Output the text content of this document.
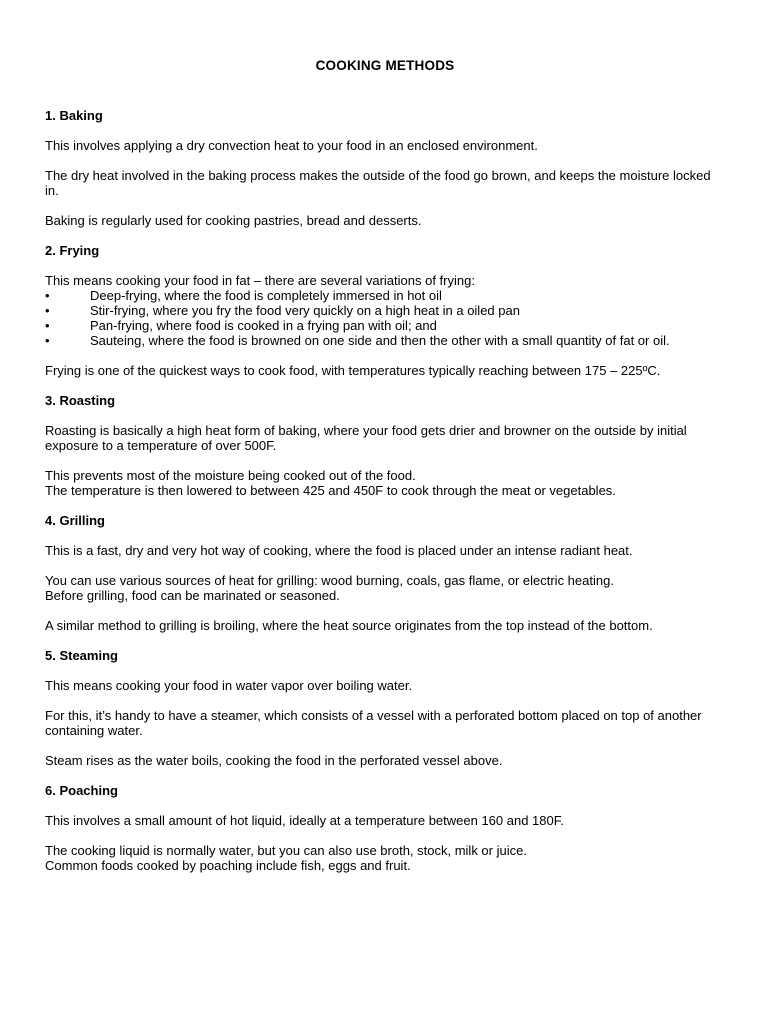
COOKING METHODS
1. Baking

This involves applying a dry convection heat to your food in an enclosed environment.

The dry heat involved in the baking process makes the outside of the food go brown, and keeps the moisture locked in.

Baking is regularly used for cooking pastries, bread and desserts.

2. Frying
This means cooking your food in fat – there are several variations of frying:
•	Deep-frying, where the food is completely immersed in hot oil
•	Stir-frying, where you fry the food very quickly on a high heat in a oiled pan
•	Pan-frying, where food is cooked in a frying pan with oil; and
•	Sauteing, where the food is browned on one side and then the other with a small quantity of fat or oil.

Frying is one of the quickest ways to cook food, with temperatures typically reaching between 175 – 225ºC.

3. Roasting

Roasting is basically a high heat form of baking, where your food gets drier and browner on the outside by initial exposure to a temperature of over 500F.

This prevents most of the moisture being cooked out of the food.
The temperature is then lowered to between 425 and 450F to cook through the meat or vegetables.

4. Grilling

This is a fast, dry and very hot way of cooking, where the food is placed under an intense radiant heat.

You can use various sources of heat for grilling: wood burning, coals, gas flame, or electric heating.
Before grilling, food can be marinated or seasoned.

A similar method to grilling is broiling, where the heat source originates from the top instead of the bottom.

5. Steaming

This means cooking your food in water vapor over boiling water.

For this, it’s handy to have a steamer, which consists of a vessel with a perforated bottom placed on top of another containing water.

Steam rises as the water boils, cooking the food in the perforated vessel above.

6. Poaching

This involves a small amount of hot liquid, ideally at a temperature between 160 and 180F.

The cooking liquid is normally water, but you can also use broth, stock, milk or juice.
Common foods cooked by poaching include fish, eggs and fruit.
